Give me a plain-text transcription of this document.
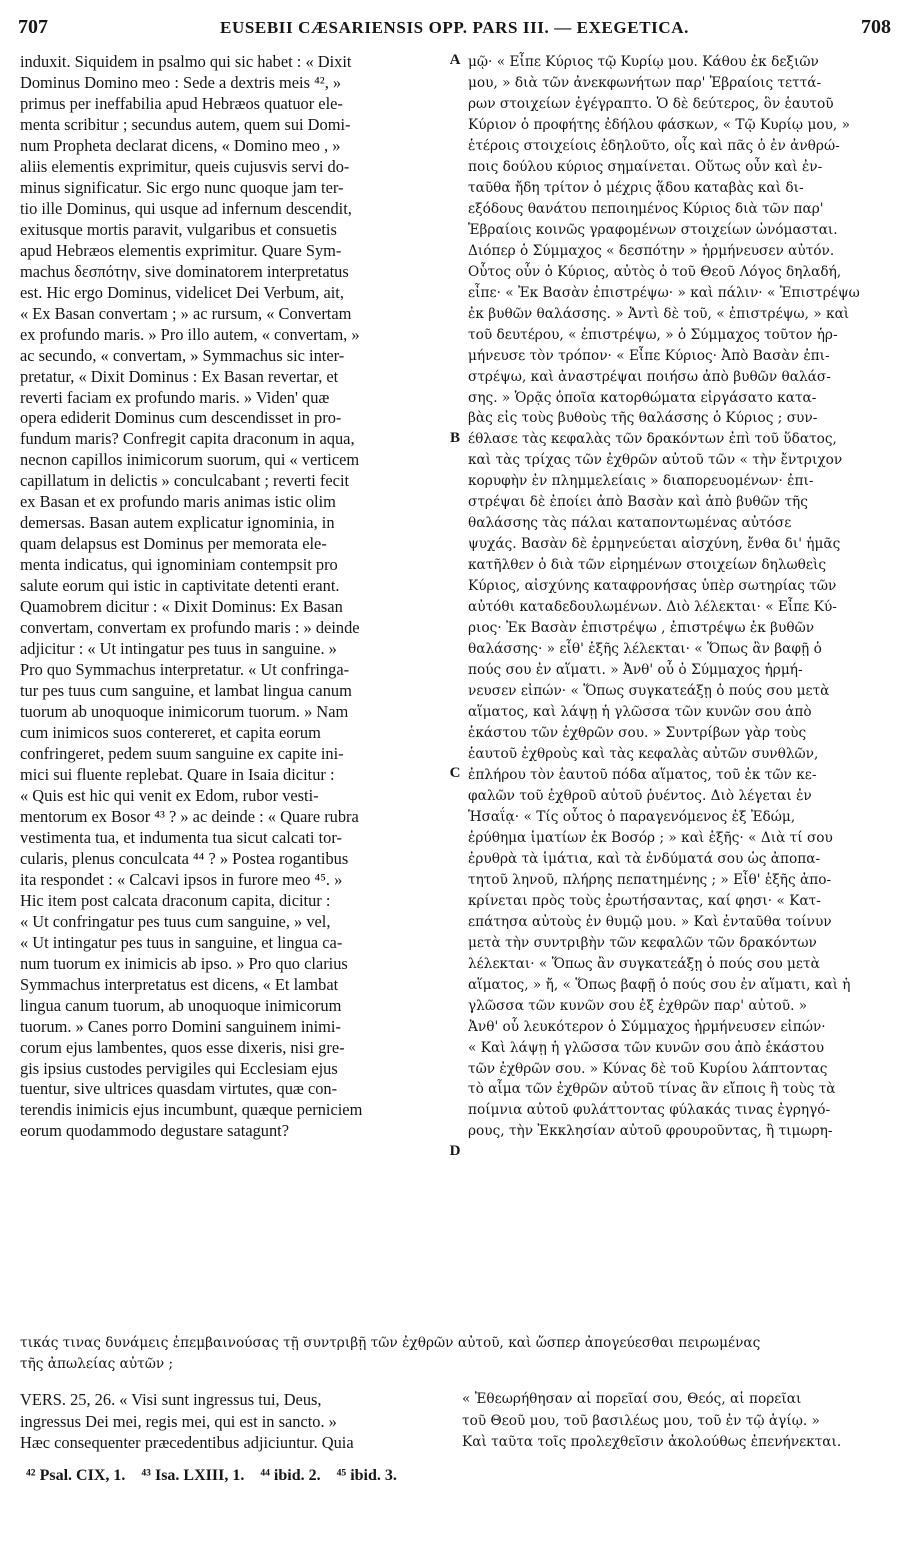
707	EUSEBII CÆSARIENSIS OPP. PARS III. — EXEGETICA.	708
induxit. Siquidem in psalmo qui sic habet : « Dixit
Dominus Domino meo : Sede a dextris meis ⁴², »
primus per ineffabilia apud Hebræos quatuor ele-
menta scribitur ; secundus autem, quem sui Domi-
num Propheta declarat dicens, « Domino meo , »
aliis elementis exprimitur, queis cujusvis servi do-
minus significatur. Sic ergo nunc quoque jam ter-
tio ille Dominus, qui usque ad infernum descendit,
exitusque mortis paravit, vulgaribus et consuetis
apud Hebræos elementis exprimitur. Quare Sym-
machus δεσπότην, sive dominatorem interpretatus
est. Hic ergo Dominus, videlicet Dei Verbum, ait,
« Ex Basan convertam ; » ac rursum, « Convertam
ex profundo maris. » Pro illo autem, « convertam, »
ac secundo, « convertam, » Symmachus sic inter-
pretatur, « Dixit Dominus : Ex Basan revertar, et
reverti faciam ex profundo maris. » Viden' quæ
opera ediderit Dominus cum descendisset in pro-
fundum maris? Confregit capita draconum in aqua,
necnon capillos inimicorum suorum, qui « verticem
capillatum in delictis » conculcabant ; reverti fecit
ex Basan et ex profundo maris animas istic olim
demersas. Basan autem explicatur ignominia, in
quam delapsus est Dominus per memorata ele-
menta indicatus, qui ignominiam contempsit pro
salute eorum qui istic in captivitate detenti erant.
Quamobrem dicitur : « Dixit Dominus: Ex Basan
convertam, convertam ex profundo maris : » deinde
adjicitur : « Ut intingatur pes tuus in sanguine. »
Pro quo Symmachus interpretatur. « Ut confringa-
tur pes tuus cum sanguine, et lambat lingua canum
tuorum ab unoquoque inimicorum tuorum. » Nam
cum inimicos suos contereret, et capita eorum
confringeret, pedem suum sanguine ex capite ini-
mici sui fluente replebat. Quare in Isaia dicitur :
« Quis est hic qui venit ex Edom, rubor vesti-
mentorum ex Bosor ⁴³ ? » ac deinde : « Quare rubra
vestimenta tua, et indumenta tua sicut calcati tor-
cularis, plenus conculcata ⁴⁴ ? » Postea rogantibus
ita respondet : « Calcavi ipsos in furore meo ⁴⁵. »
Hic item post calcata draconum capita, dicitur :
« Ut confringatur pes tuus cum sanguine, » vel,
« Ut intingatur pes tuus in sanguine, et lingua ca-
num tuorum ex inimicis ab ipso. » Pro quo clarius
Symmachus interpretatus est dicens, « Et lambat
lingua canum tuorum, ab unoquoque inimicorum
tuorum. » Canes porro Domini sanguinem inimi-
corum ejus lambentes, quos esse dixeris, nisi gre-
gis ipsius custodes pervigiles qui Ecclesiam ejus
tuentur, sive ultrices quasdam virtutes, quæ con-
terendis inimicis ejus incumbunt, quæque perniciem
eorum quodammodo degustare satagunt?
A
B
C
D
μῷ· « Εἶπε Κύριος τῷ Κυρίῳ μου. Κάθου ἐκ δεξιῶν
μου, » διὰ τῶν ἀνεκφωνήτων παρ' Ἑβραίοις τεττά-
ρων στοιχείων ἐγέγραπτο. Ὁ δὲ δεύτερος, ὃν ἑαυτοῦ
Κύριον ὁ προφήτης ἐδήλου φάσκων, « Τῷ Κυρίῳ μου, »
ἑτέροις στοιχείοις ἐδηλοῦτο, οἷς καὶ πᾶς ὁ ἐν ἀνθρώ-
ποις δούλου κύριος σημαίνεται. Οὕτως οὖν καὶ ἐν-
ταῦθα ἤδη τρίτον ὁ μέχρις ᾅδου καταβὰς καὶ δι-
εξόδους θανάτου πεποιημένος Κύριος διὰ τῶν παρ'
Ἑβραίοις κοινῶς γραφομένων στοιχείων ὠνόμασται.
Διόπερ ὁ Σύμμαχος « δεσπότην » ἡρμήνευσεν αὐτόν.
Οὗτος οὖν ὁ Κύριος, αὐτὸς ὁ τοῦ Θεοῦ Λόγος δηλαδή,
εἶπε· « Ἐκ Βασὰν ἐπιστρέψω· » καὶ πάλιν· « Ἐπιστρέψω
ἐκ βυθῶν θαλάσσης. » Ἀντὶ δὲ τοῦ, « ἐπιστρέψω, » καὶ
τοῦ δευτέρου, « ἐπιστρέψω, » ὁ Σύμμαχος τοῦτον ἡρ-
μήνευσε τὸν τρόπον· « Εἶπε Κύριος· Ἀπὸ Βασὰν ἐπι-
στρέψω, καὶ ἀναστρέψαι ποιήσω ἀπὸ βυθῶν θαλάσ-
σης. » Ὁρᾷς ὁποῖα κατορθώματα εἰργάσατο κατα-
βὰς εἰς τοὺς βυθοὺς τῆς θαλάσσης ὁ Κύριος ; συν-
έθλασε τὰς κεφαλὰς τῶν δρακόντων ἐπὶ τοῦ ὕδατος,
καὶ τὰς τρίχας τῶν ἐχθρῶν αὐτοῦ τῶν « τὴν ἔντριχον
κορυφὴν ἐν πλημμελείαις » διαπορευομένων· ἐπι-
στρέψαι δὲ ἐποίει ἀπὸ Βασὰν καὶ ἀπὸ βυθῶν τῆς
θαλάσσης τὰς πάλαι καταποντωμένας αὐτόσε
ψυχάς. Βασὰν δὲ ἑρμηνεύεται αἰσχύνη, ἔνθα δι' ἡμᾶς
κατῆλθεν ὁ διὰ τῶν εἰρημένων στοιχείων δηλωθεὶς
Κύριος, αἰσχύνης καταφρονήσας ὑπὲρ σωτηρίας τῶν
αὐτόθι καταδεδουλωμένων. Διὸ λέλεκται· « Εἶπε Κύ-
ριος· Ἐκ Βασὰν ἐπιστρέψω , ἐπιστρέψω ἐκ βυθῶν
θαλάσσης· » εἶθ' ἑξῆς λέλεκται· « Ὅπως ἂν βαφῇ ὁ
πούς σου ἐν αἵματι. » Ἀνθ' οὗ ὁ Σύμμαχος ἡρμή-
νευσεν εἰπών· « Ὅπως συγκατεάξῃ ὁ πούς σου μετὰ
αἵματος, καὶ λάψῃ ἡ γλῶσσα τῶν κυνῶν σου ἀπὸ
ἑκάστου τῶν ἐχθρῶν σου. » Συντρίβων γὰρ τοὺς
ἑαυτοῦ ἐχθροὺς καὶ τὰς κεφαλὰς αὐτῶν συνθλῶν,
ἐπλήρου τὸν ἑαυτοῦ πόδα αἵματος, τοῦ ἐκ τῶν κε-
φαλῶν τοῦ ἐχθροῦ αὐτοῦ ῥυέντος. Διὸ λέγεται ἐν
Ἡσαΐᾳ· « Τίς οὗτος ὁ παραγενόμενος ἐξ Ἐδώμ,
ἐρύθημα ἱματίων ἐκ Βοσόρ ; » καὶ ἑξῆς· « Διὰ τί σου
ἐρυθρὰ τὰ ἱμάτια, καὶ τὰ ἐνδύματά σου ὡς ἀποπα-
τητοῦ ληνοῦ, πλήρης πεπατημένης ; » Εἶθ' ἑξῆς ἀπο-
κρίνεται πρὸς τοὺς ἐρωτήσαντας, καί φησι· « Κατ-
επάτησα αὐτοὺς ἐν θυμῷ μου. » Καὶ ἐνταῦθα τοίνυν
μετὰ τὴν συντριβὴν τῶν κεφαλῶν τῶν δρακόντων
λέλεκται· « Ὅπως ἂν συγκατεάξῃ ὁ πούς σου μετὰ
αἵματος, » ἤ, « Ὅπως βαφῇ ὁ πούς σου ἐν αἵματι, καὶ ἡ
γλῶσσα τῶν κυνῶν σου ἐξ ἐχθρῶν παρ' αὐτοῦ. »
Ἀνθ' οὗ λευκότερον ὁ Σύμμαχος ἡρμήνευσεν εἰπών·
« Καὶ λάψῃ ἡ γλῶσσα τῶν κυνῶν σου ἀπὸ ἑκάστου
τῶν ἐχθρῶν σου. » Κύνας δὲ τοῦ Κυρίου λάπτοντας
τὸ αἷμα τῶν ἐχθρῶν αὐτοῦ τίνας ἂν εἴποις ἢ τοὺς τὰ
ποίμνια αὐτοῦ φυλάττοντας φύλακάς τινας ἐγρηγό-
ρους, τὴν Ἐκκλησίαν αὐτοῦ φρουροῦντας, ἢ τιμωρη-
τικάς τινας δυνάμεις ἐπεμβαινούσας τῇ συντριβῇ τῶν ἐχθρῶν αὐτοῦ, καὶ ὥσπερ ἀπογεύεσθαι πειρωμένας
τῆς ἀπωλείας αὐτῶν ;
VERS. 25, 26. « Visi sunt ingressus tui, Deus,
ingressus Dei mei, regis mei, qui est in sancto. »
Hæc consequenter præcedentibus adjiciuntur. Quia
« Ἐθεωρήθησαν αἱ πορεῖαί σου, Θεός, αἱ πορεῖαι
τοῦ Θεοῦ μου, τοῦ βασιλέως μου, τοῦ ἐν τῷ ἁγίῳ. »
Καὶ ταῦτα τοῖς προλεχθεῖσιν ἀκολούθως ἐπενήνεκται.
⁴² Psal. CIX, 1. ⁴³ Isa. LXIII, 1. ⁴⁴ ibid. 2. ⁴⁵ ibid. 3.
